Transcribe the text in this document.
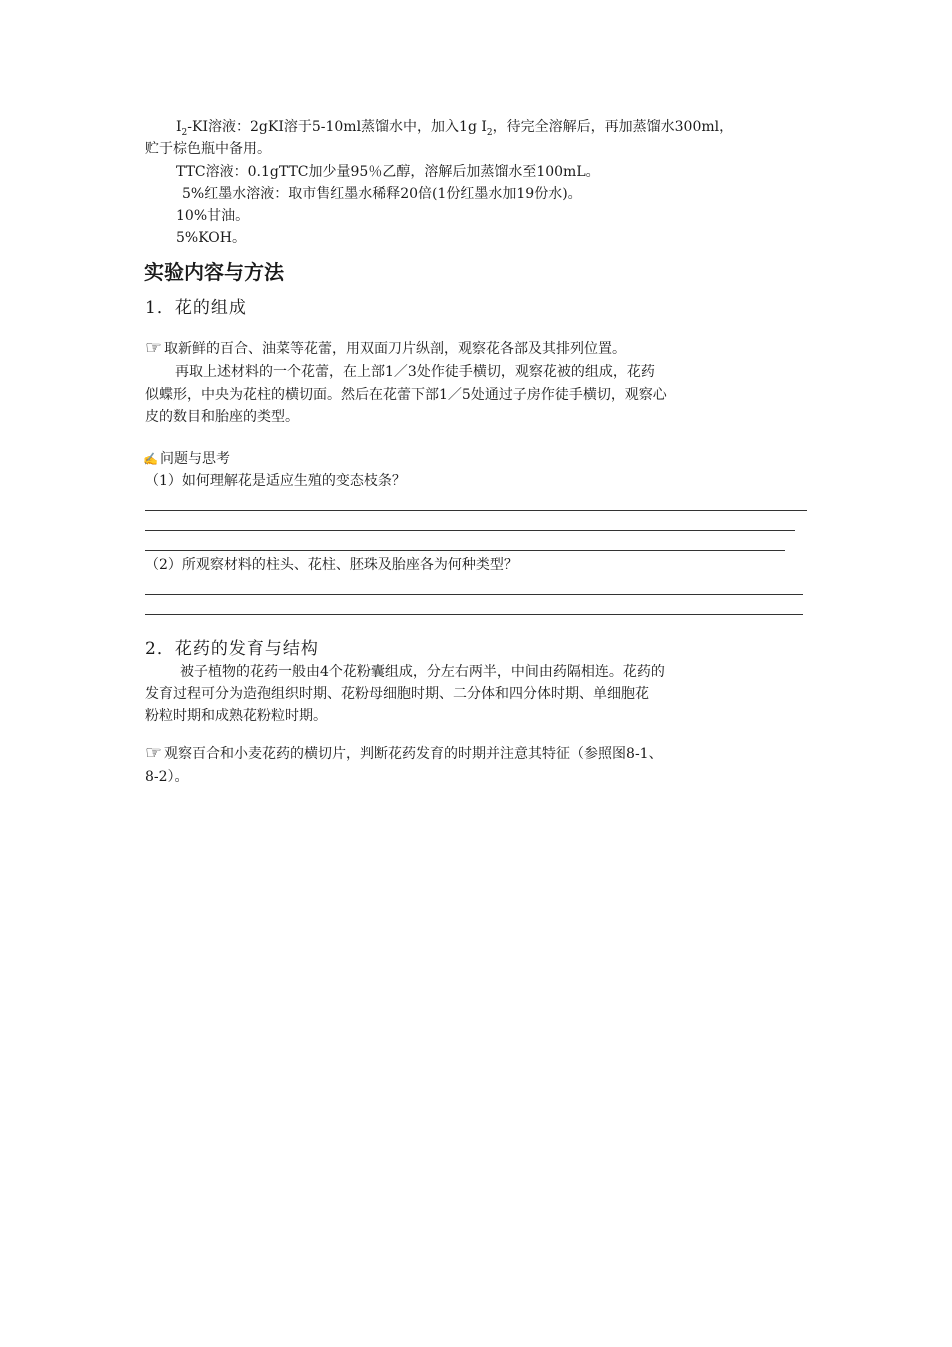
$I_2-KI$溶液：2gKI溶于5-10ml蒸馏水中，加入1g $I_2$，待完全溶解后，再加蒸馏水300ml，
贮于棕色瓶中备用。
TTC溶液：0.1gTTC加少量95％乙醇，溶解后加蒸馏水至100mL。
5%红墨水溶液：取市售红墨水稀释20倍(1份红墨水加19份水)。
10%甘油。
5%KOH。
实验内容与方法
1．花的组成
☞ 取新鲜的百合、油菜等花蕾，用双面刀片纵剖，观察花各部及其排列位置。
再取上述材料的一个花蕾，在上部1／3处作徒手横切，观察花被的组成，花药
似蝶形，中央为花柱的横切面。然后在花蕾下部1／5处通过子房作徒手横切，观察心
皮的数目和胎座的类型。
✍ 问题与思考
（1）如何理解花是适应生殖的变态枝条？
（2）所观察材料的柱头、花柱、胚珠及胎座各为何种类型？
2．花药的发育与结构
被子植物的花药一般由4个花粉囊组成，分左右两半，中间由药隔相连。花药的
发育过程可分为造孢组织时期、花粉母细胞时期、二分体和四分体时期、单细胞花
粉粒时期和成熟花粉粒时期。
☞ 观察百合和小麦花药的横切片，判断花药发育的时期并注意其特征（参照图8-1、
8-2）。
